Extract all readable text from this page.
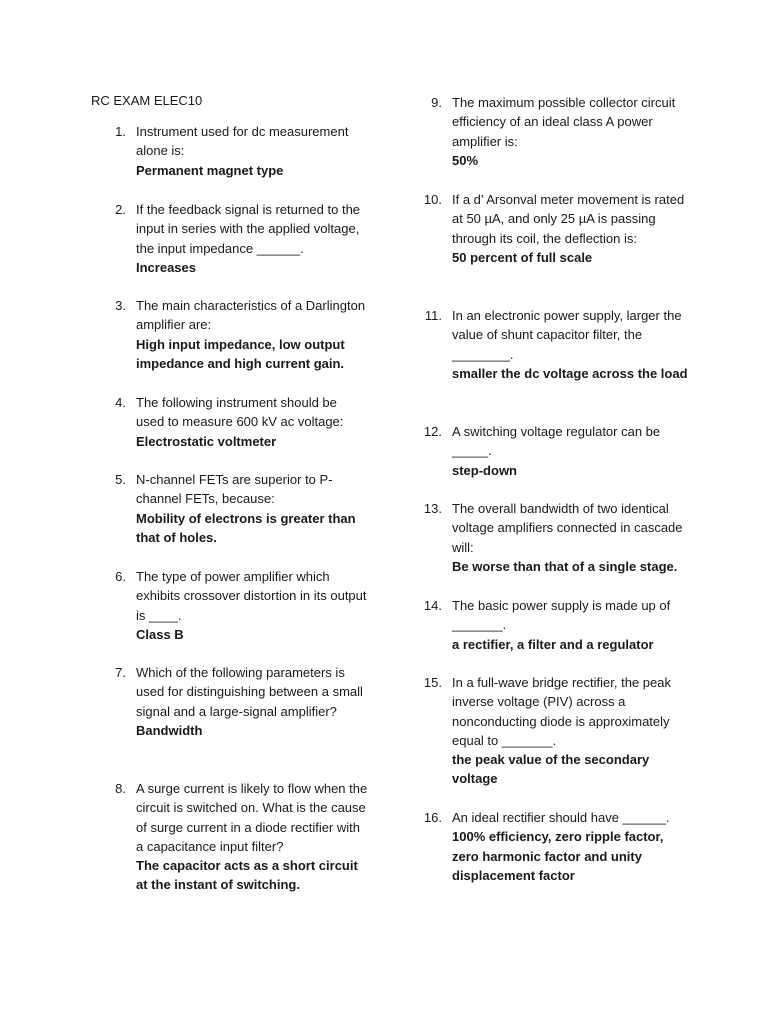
RC EXAM ELEC10
1. Instrument used for dc measurement alone is:
Permanent magnet type
2. If the feedback signal is returned to the input in series with the applied voltage, the input impedance ______.
Increases
3. The main characteristics of a Darlington amplifier are:
High input impedance, low output impedance and high current gain.
4. The following instrument should be used to measure 600 kV ac voltage:
Electrostatic voltmeter
5. N-channel FETs are superior to P-channel FETs, because:
Mobility of electrons is greater than that of holes.
6. The type of power amplifier which exhibits crossover distortion in its output is ____.
Class B
7. Which of the following parameters is used for distinguishing between a small signal and a large-signal amplifier?
Bandwidth
8. A surge current is likely to flow when the circuit is switched on. What is the cause of surge current in a diode rectifier with a capacitance input filter?
The capacitor acts as a short circuit at the instant of switching.
9. The maximum possible collector circuit efficiency of an ideal class A power amplifier is:
50%
10. If a d’ Arsonval meter movement is rated at 50 µA, and only 25 µA is passing through its coil, the deflection is:
50 percent of full scale
11. In an electronic power supply, larger the value of shunt capacitor filter, the ________.
smaller the dc voltage across the load
12. A switching voltage regulator can be _____.
step-down
13. The overall bandwidth of two identical voltage amplifiers connected in cascade will:
Be worse than that of a single stage.
14. The basic power supply is made up of _______.
a rectifier, a filter and a regulator
15. In a full-wave bridge rectifier, the peak inverse voltage (PIV) across a nonconducting diode is approximately equal to _______.
the peak value of the secondary voltage
16. An ideal rectifier should have ______.
100% efficiency, zero ripple factor, zero harmonic factor and unity displacement factor
